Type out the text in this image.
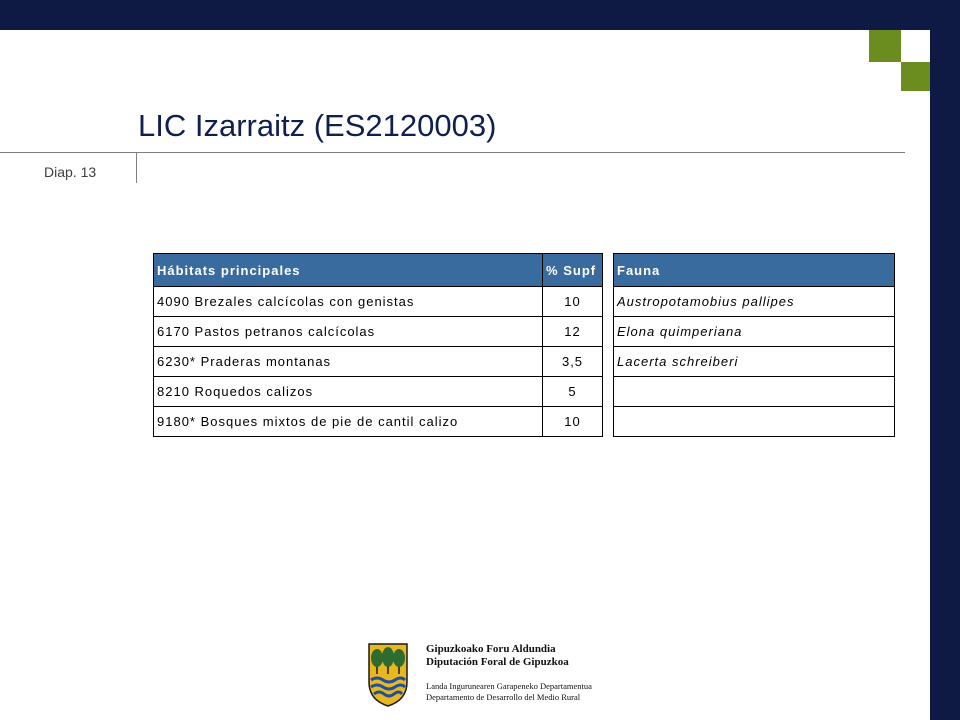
LIC Izarraitz (ES2120003)
Diap. 13
Hábitats principales	% Supf
4090 Brezales calcícolas con genistas	10
6170 Pastos petranos calcícolas	12
6230* Praderas montanas	3,5
8210 Roquedos calizos	5
9180* Bosques mixtos de pie de cantil calizo	10
Fauna
Austropotamobius pallipes
Elona quimperiana
Lacerta schreiberi

Gipuzkoako Foru Aldundia
Diputación Foral de Gipuzkoa
Landa Ingurunearen Garapeneko Departamentua
Departamento de Desarrollo del Medio Rural
